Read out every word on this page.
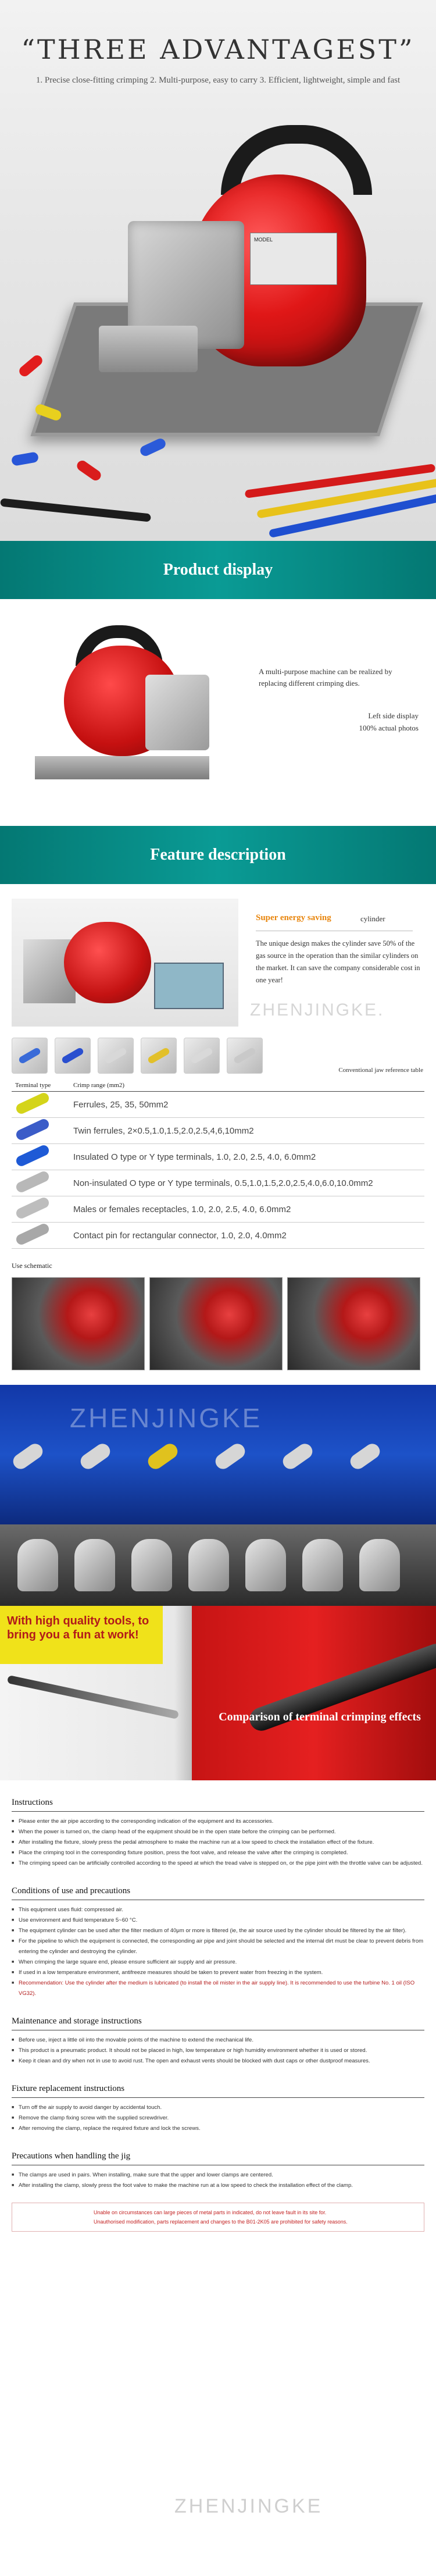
“THREE ADVANTAGEST”
1. Precise close-fitting crimping 2. Multi-purpose, easy to carry 3. Efficient, lightweight, simple and fast
MODEL
Product display
A multi-purpose machine can be realized by replacing different crimping dies.
Left side display
100% actual photos
Feature description
Super energy saving	cylinder
The unique design makes the cylinder save 50% of the gas source in the operation than the similar cylinders on the market. It can save the company considerable cost in one year!
ZHENJINGKE.
Conventional jaw reference table
Terminal type	Crimp range (mm2)
	Ferrules, 25, 35, 50mm2
	Twin ferrules, 2×0.5,1.0,1.5,2.0,2.5,4,6,10mm2
	Insulated O type or Y type terminals, 1.0, 2.0, 2.5, 4.0, 6.0mm2
	Non-insulated O type or Y type terminals, 0.5,1.0,1.5,2.0,2.5,4.0,6.0,10.0mm2
	Males or females receptacles, 1.0, 2.0, 2.5, 4.0, 6.0mm2
	Contact pin for rectangular connector, 1.0, 2.0, 4.0mm2
Use schematic
ZHENJINGKE
With high quality tools, to bring you a fun at work!
Comparison of terminal crimping effects
Instructions
■ Please enter the air pipe according to the corresponding indication of the equipment and its accessories.
■ When the power is turned on, the clamp head of the equipment should be in the open state before the crimping can be performed.
■ After installing the fixture, slowly press the pedal atmosphere to make the machine run at a low speed to check the installation effect of the fixture.
■ Place the crimping tool in the corresponding fixture position, press the foot valve, and release the valve after the crimping is completed.
■ The crimping speed can be artificially controlled according to the speed at which the tread valve is stepped on, or the pipe joint with the throttle valve can be adjusted.
Conditions of use and precautions
■ This equipment uses fluid: compressed air.
■ Use environment and fluid temperature 5~60 °C.
■ The equipment cylinder can be used after the filter medium of 40μm or more is filtered (ie, the air source used by the cylinder should be filtered by the air filter).
■ For the pipeline to which the equipment is connected, the corresponding air pipe and joint should be selected and the internal dirt must be clear to prevent debris from entering the cylinder and destroying the cylinder.
■ When crimping the large square end, please ensure sufficient air supply and air pressure.
■ If used in a low temperature environment, antifreeze measures should be taken to prevent water from freezing in the system.
■ Recommendation: Use the cylinder after the medium is lubricated (to install the oil mister in the air supply line). It is recommended to use the turbine No. 1 oil (ISO VG32).
Maintenance and storage instructions
■ Before use, inject a little oil into the movable points of the machine to extend the mechanical life.
■ This product is a pneumatic product. It should not be placed in high, low temperature or high humidity environment whether it is used or stored.
■ Keep it clean and dry when not in use to avoid rust. The open and exhaust vents should be blocked with dust caps or other dustproof measures.
Fixture replacement instructions
■ Turn off the air supply to avoid danger by accidental touch.
■ Remove the clamp fixing screw with the supplied screwdriver.
■ After removing the clamp, replace the required fixture and lock the screws.
Precautions when handling the jig
■ The clamps are used in pairs. When installing, make sure that the upper and lower clamps are centered.
■ After installing the clamp, slowly press the foot valve to make the machine run at a low speed to check the installation effect of the clamp.

Unable on circumstances can large pieces of metal parts in indicated, do not leave fault in its site for.

Unauthorised modification, parts replacement and changes to the B01-2K05 are prohibited for safety reasons.

ZHENJINGKE
